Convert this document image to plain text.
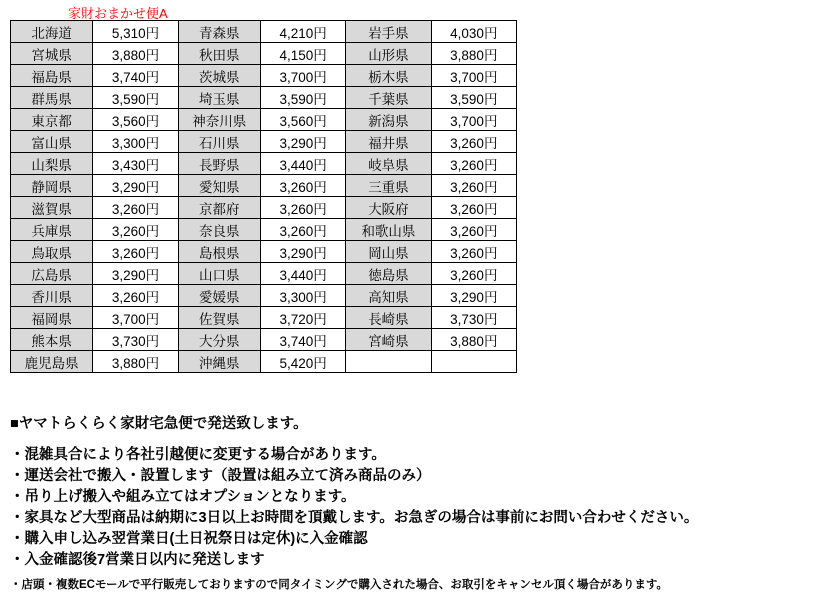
家財おまかせ便A
北海道	5,310円	青森県	4,210円	岩手県	4,030円
宮城県	3,880円	秋田県	4,150円	山形県	3,880円
福島県	3,740円	茨城県	3,700円	栃木県	3,700円
群馬県	3,590円	埼玉県	3,590円	千葉県	3,590円
東京都	3,560円	神奈川県	3,560円	新潟県	3,700円
富山県	3,300円	石川県	3,290円	福井県	3,260円
山梨県	3,430円	長野県	3,440円	岐阜県	3,260円
静岡県	3,290円	愛知県	3,260円	三重県	3,260円
滋賀県	3,260円	京都府	3,260円	大阪府	3,260円
兵庫県	3,260円	奈良県	3,260円	和歌山県	3,260円
鳥取県	3,260円	島根県	3,290円	岡山県	3,260円
広島県	3,290円	山口県	3,440円	徳島県	3,260円
香川県	3,260円	愛媛県	3,300円	高知県	3,290円
福岡県	3,700円	佐賀県	3,720円	長崎県	3,730円
熊本県	3,730円	大分県	3,740円	宮崎県	3,880円
鹿児島県	3,880円	沖縄県	5,420円		
■ヤマトらくらく家財宅急便で発送致します。
・混雑具合により各社引越便に変更する場合があります。
・運送会社で搬入・設置します（設置は組み立て済み商品のみ）
・吊り上げ搬入や組み立てはオプションとなります。
・家具など大型商品は納期に3日以上お時間を頂戴します。お急ぎの場合は事前にお問い合わせください。
・購入申し込み翌営業日(土日祝祭日は定休)に入金確認
・入金確認後7営業日以内に発送します
・店頭・複数ECモールで平行販売しておりますので同タイミングで購入された場合、お取引をキャンセル頂く場合があります。
